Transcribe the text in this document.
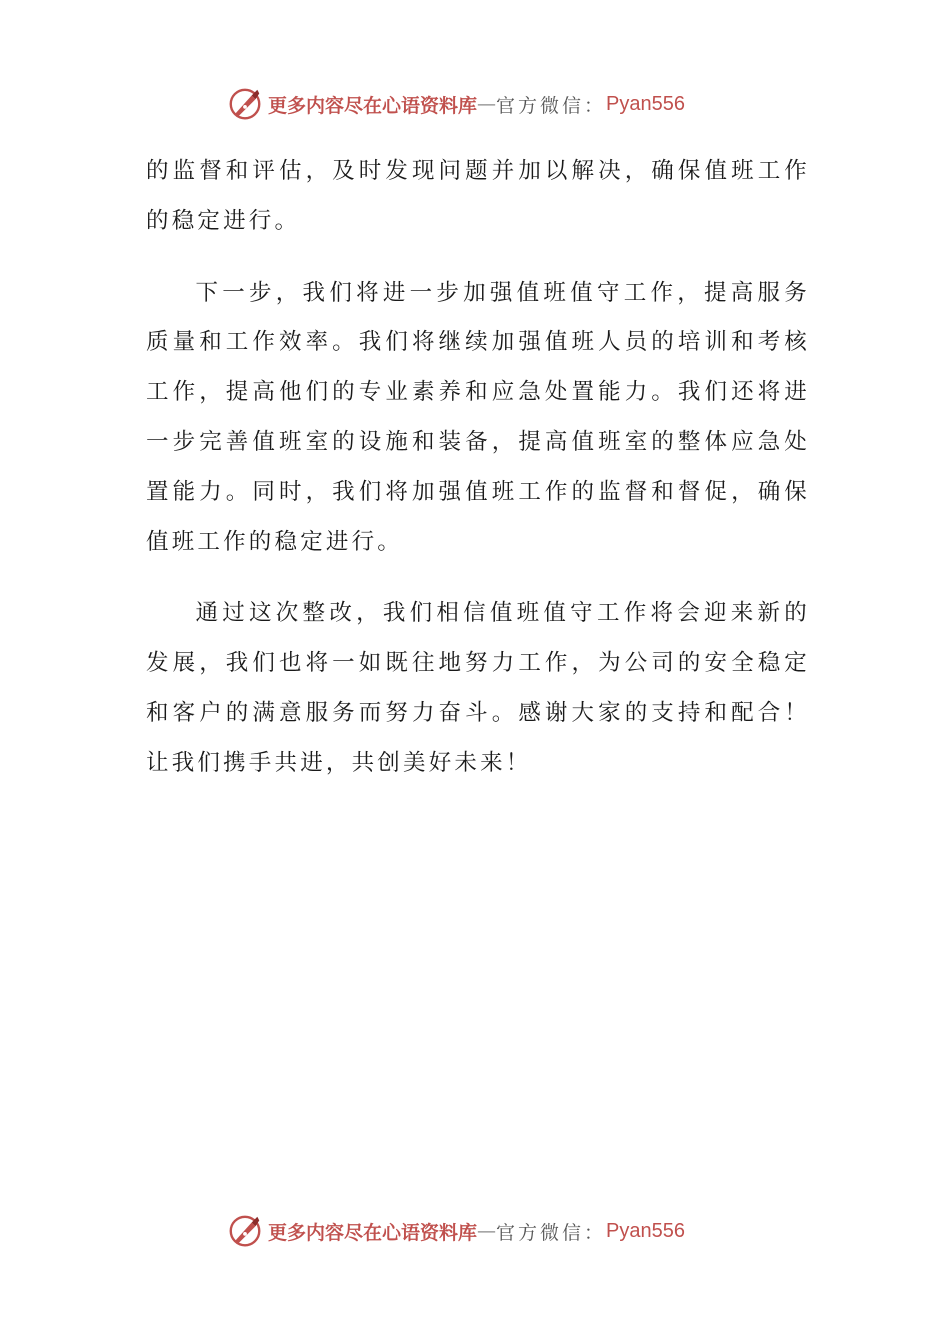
更多内容尽在心语资料库 — 官方微信： Pyan556

的监督和评估，及时发现问题并加以解决，确保值班工作的稳定进行。

下一步，我们将进一步加强值班值守工作，提高服务质量和工作效率。我们将继续加强值班人员的培训和考核工作，提高他们的专业素养和应急处置能力。我们还将进一步完善值班室的设施和装备，提高值班室的整体应急处置能力。同时，我们将加强值班工作的监督和督促，确保值班工作的稳定进行。

通过这次整改，我们相信值班值守工作将会迎来新的发展，我们也将一如既往地努力工作，为公司的安全稳定和客户的满意服务而努力奋斗。感谢大家的支持和配合！让我们携手共进，共创美好未来！

更多内容尽在心语资料库 — 官方微信： Pyan556
